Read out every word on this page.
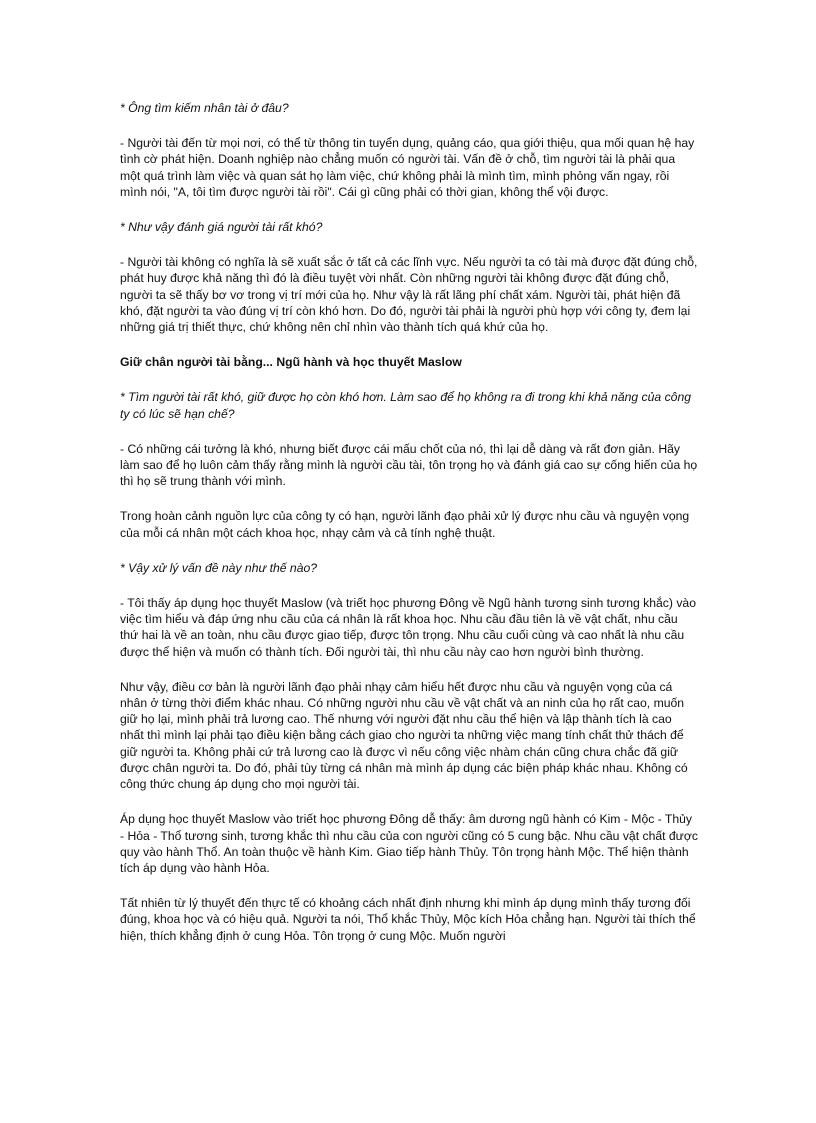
* Ông tìm kiếm nhân tài ở đâu?

- Người tài đến từ mọi nơi, có thể từ thông tin tuyển dụng, quảng cáo, qua giới thiệu, qua mối quan hệ hay tình cờ phát hiện. Doanh nghiệp nào chẳng muốn có người tài. Vấn đề ở chỗ, tìm người tài là phải qua một quá trình làm việc và quan sát họ làm việc, chứ không phải là mình tìm, mình phỏng vấn ngay, rồi mình nói, "A, tôi tìm được người tài rồi". Cái gì cũng phải có thời gian, không thể vội được.

* Như vậy đánh giá người tài rất khó?

- Người tài không có nghĩa là sẽ xuất sắc ở tất cả các lĩnh vực. Nếu người ta có tài mà được đặt đúng chỗ, phát huy được khả năng thì đó là điều tuyệt vời nhất. Còn những người tài không được đặt đúng chỗ, người ta sẽ thấy bơ vơ trong vị trí mới của họ. Như vậy là rất lãng phí chất xám. Người tài, phát hiện đã khó, đặt người ta vào đúng vị trí còn khó hơn. Do đó, người tài phải là người phù hợp với công ty, đem lại những giá trị thiết thực, chứ không nên chỉ nhìn vào thành tích quá khứ của họ.

Giữ chân người tài bằng... Ngũ hành và học thuyết Maslow

* Tìm người tài rất khó, giữ được họ còn khó hơn. Làm sao để họ không ra đi trong khi khả năng của công ty có lúc sẽ hạn chế?

- Có những cái tưởng là khó, nhưng biết được cái mấu chốt của nó, thì lại dễ dàng và rất đơn giản. Hãy làm sao để họ luôn cảm thấy rằng mình là người cầu tài, tôn trọng họ và đánh giá cao sự cống hiến của họ thì họ sẽ trung thành với mình.

Trong hoàn cảnh nguồn lực của công ty có hạn, người lãnh đạo phải xử lý được nhu cầu và nguyện vọng của mỗi cá nhân một cách khoa học, nhạy cảm và cả tính nghệ thuật.

* Vậy xử lý vấn đề này như thế nào?

- Tôi thấy áp dụng học thuyết Maslow (và triết học phương Đông về Ngũ hành tương sinh tương khắc) vào việc tìm hiểu và đáp ứng nhu cầu của cá nhân là rất khoa học. Nhu cầu đầu tiên là về vật chất, nhu cầu thứ hai là về an toàn, nhu cầu được giao tiếp, được tôn trọng. Nhu cầu cuối cùng và cao nhất là nhu cầu được thể hiện và muốn có thành tích. Đối người tài, thì nhu cầu này cao hơn người bình thường.

Như vậy, điều cơ bản là người lãnh đạo phải nhạy cảm hiểu hết được nhu cầu và nguyện vọng của cá nhân ở từng thời điểm khác nhau. Có những người nhu cầu về vật chất và an ninh của họ rất cao, muốn giữ họ lại, mình phải trả lương cao. Thế nhưng với người đặt nhu cầu thể hiện và lập thành tích là cao nhất thì mình lại phải tạo điều kiện bằng cách giao cho người ta những việc mang tính chất thử thách để giữ người ta. Không phải cứ trả lương cao là được vì nếu công việc nhàm chán cũng chưa chắc đã giữ được chân người ta. Do đó, phải tùy từng cá nhân mà mình áp dụng các biện pháp khác nhau. Không có công thức chung áp dụng cho mọi người tài.

Áp dụng học thuyết Maslow vào triết học phương Đông dễ thấy: âm dương ngũ hành có Kim - Mộc - Thủy - Hỏa - Thổ tương sinh, tương khắc thì nhu cầu của con người cũng có 5 cung bậc. Nhu cầu vật chất được quy vào hành Thổ. An toàn thuộc về hành Kim. Giao tiếp hành Thủy. Tôn trọng hành Mộc. Thể hiện thành tích áp dụng vào hành Hỏa.

Tất nhiên từ lý thuyết đến thực tế có khoảng cách nhất định nhưng khi mình áp dụng mình thấy tương đối đúng, khoa học và có hiệu quả. Người ta nói, Thổ khắc Thủy, Mộc kích Hỏa chẳng hạn. Người tài thích thể hiện, thích khẳng định ở cung Hỏa. Tôn trọng ở cung Mộc. Muốn người
